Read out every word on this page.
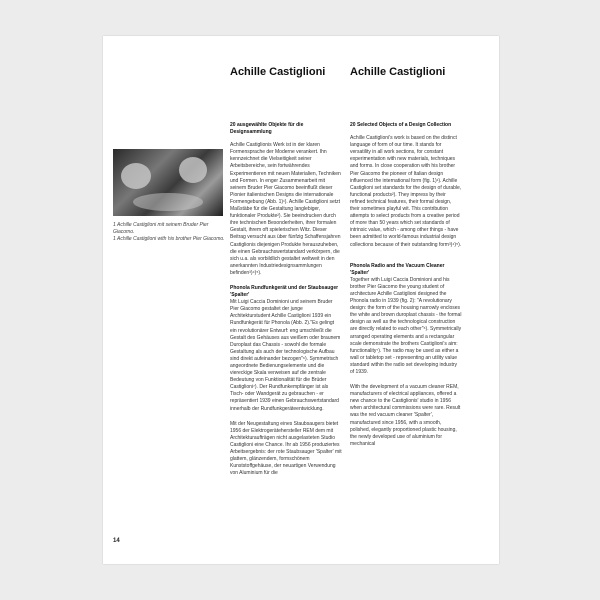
Achille Castiglioni Achille Castiglioni
1 Achille Castiglioni mit seinem Bruder Pier Giacomo.
1 Achille Castiglioni with his brother Pier Giacomo.
20 ausgewählte Objekte für die Designsammlung
Achille Castiglionis Werk ist in der klaren Formensprache der Moderne verankert. Ihn kennzeichnet die Vielseitigkeit seiner Arbeitsbereiche, sein fortwährendes Experimentieren mit neuen Materialien, Techniken und Formen. In enger Zusammenarbeit mit seinem Bruder Pier Giacomo beeinflußt dieser Pionier italienischen Designs die internationale Formengebung (Abb. 1)¹). Achille Castiglioni setzt Maßstäbe für die Gestaltung langlebiger, funktionaler Produkte²). Sie beeindrucken durch ihre technischen Besonderheiten, ihrer formalen Gestalt, ihrem oft spielerischen Witz. Dieser Beitrag versucht aus über fünfzig Schaffensjahren Castiglionis diejenigen Produkte herauszuheben, die einen Gebrauchswertstandard verkörpern, die sich u.a. als vorbildlich gestaltet weltweit in den anerkannten Industriedesignsammlungen befinden³)⁴)⁵).
Phonola Rundfunkgerät und der Staubsauger 'Spalter'
Mit Luigi Caccia Dominioni und seinem Bruder Pier Giacomo gestaltet der junge Architekturstudent Achille Castiglioni 1939 ein Rundfunkgerät für Phonola (Abb. 2)."Es gelingt ein revolutionärer Entwurf: eng umschließt die Gestalt des Gehäuses aus weißem oder braunem Duroplast das Chassis - sowohl die formale Gestaltung als auch der technologische Aufbau sind direkt aufeinander bezogen"⁶). Symmetrisch angeordnete Bedienungselemente und die viereckige Skala verweisen auf die zentrale Bedeutung von Funktionalität für die Brüder Castiglioni⁷). Der Rundfunkempfänger ist als Tisch- oder Wandgerät zu gebrauchen - er repräsentiert 1939 einen Gebrauchswertstandard innerhalb der Rundfunkgeräteentwicklung.
Mit der Neugestaltung eines Staubsaugers bietet 1956 der Elektrogerätehersteller REM dem mit Architekturaufträgen nicht ausgelasteten Studio Castiglioni eine Chance. Ihr ab 1956 produziertes Arbeitsergebnis: der rote Staubsauger 'Spalter' mit glattem, glänzendem, formschönem Kunststoffgehäuse, der neuartigen Verwendung von Aluminium für die
20 Selected Objects of a Design Collection
Achille Castiglioni's work is based on the distinct language of form of our time. It stands for versatility in all work sections, for constant experimentation with new materials, techniques and forms. In close cooperation with his brother Pier Giacomo the pioneer of Italian design influenced the international form (fig. 1)¹). Achille Castiglioni set standards for the design of durable, functional products²). They impress by their refined technical features, their formal design, their sometimes playful wit. This contribution attempts to select products from a creative period of more than 50 years which set standards of intrinsic value, which - among other things - have been admitted to world-famous industrial design collections because of their outstanding form³)⁴)⁵).
Phonola Radio and the Vacuum Cleaner 'Spalter'
Together with Luigi Caccia Dominioni and his brother Pier Giacomo the young student of architecture Achille Castiglioni designed the Phonola radio in 1939 (fig. 2): "A revolutionary design: the form of the housing narrowly encloses the white and brown duroplast chassis - the formal design as well as the technological construction are directly related to each other"⁶). Symmetrically arranged operating elements and a rectangular scale demonstrate the brothers Castiglioni's aim: functionality⁷). The radio may be used as either a wall or tabletop set - representing an utility value standard within the radio set developing industry of 1939.
With the development of a vacuum cleaner REM, manufacturers of electrical appliances, offered a new chance to the Castiglionis' studio in 1956 when architectural commissions were rare. Result was the red vacuum cleaner 'Spalter', manufactured since 1956, with a smooth, polished, elegantly proportioned plastic housing, the newly developed use of aluminium for mechanical
14
